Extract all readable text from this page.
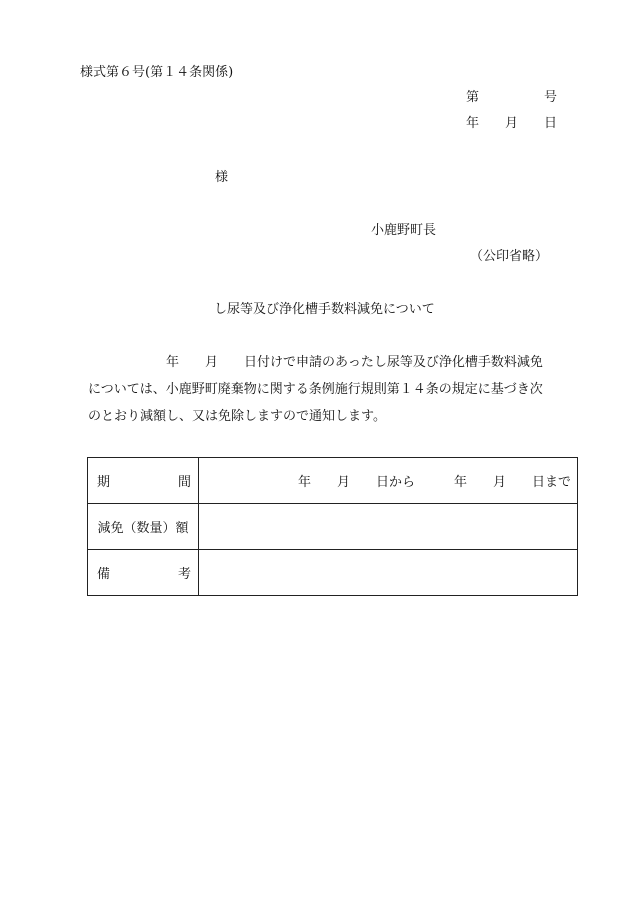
様式第６号(第１４条関係)
第　　　　　号
年　　月　　日
様
小鹿野町長
（公印省略）
し尿等及び浄化槽手数料減免について
　　　　　　年　　月　　日付けで申請のあったし尿等及び浄化槽手数料減免
については、小鹿野町廃棄物に関する条例施行規則第１４条の規定に基づき次
のとおり減額し、又は免除しますので通知します。
期 間	年　　月　　日から　　　年　　月　　日まで

減免（数量）額	

備 考	
